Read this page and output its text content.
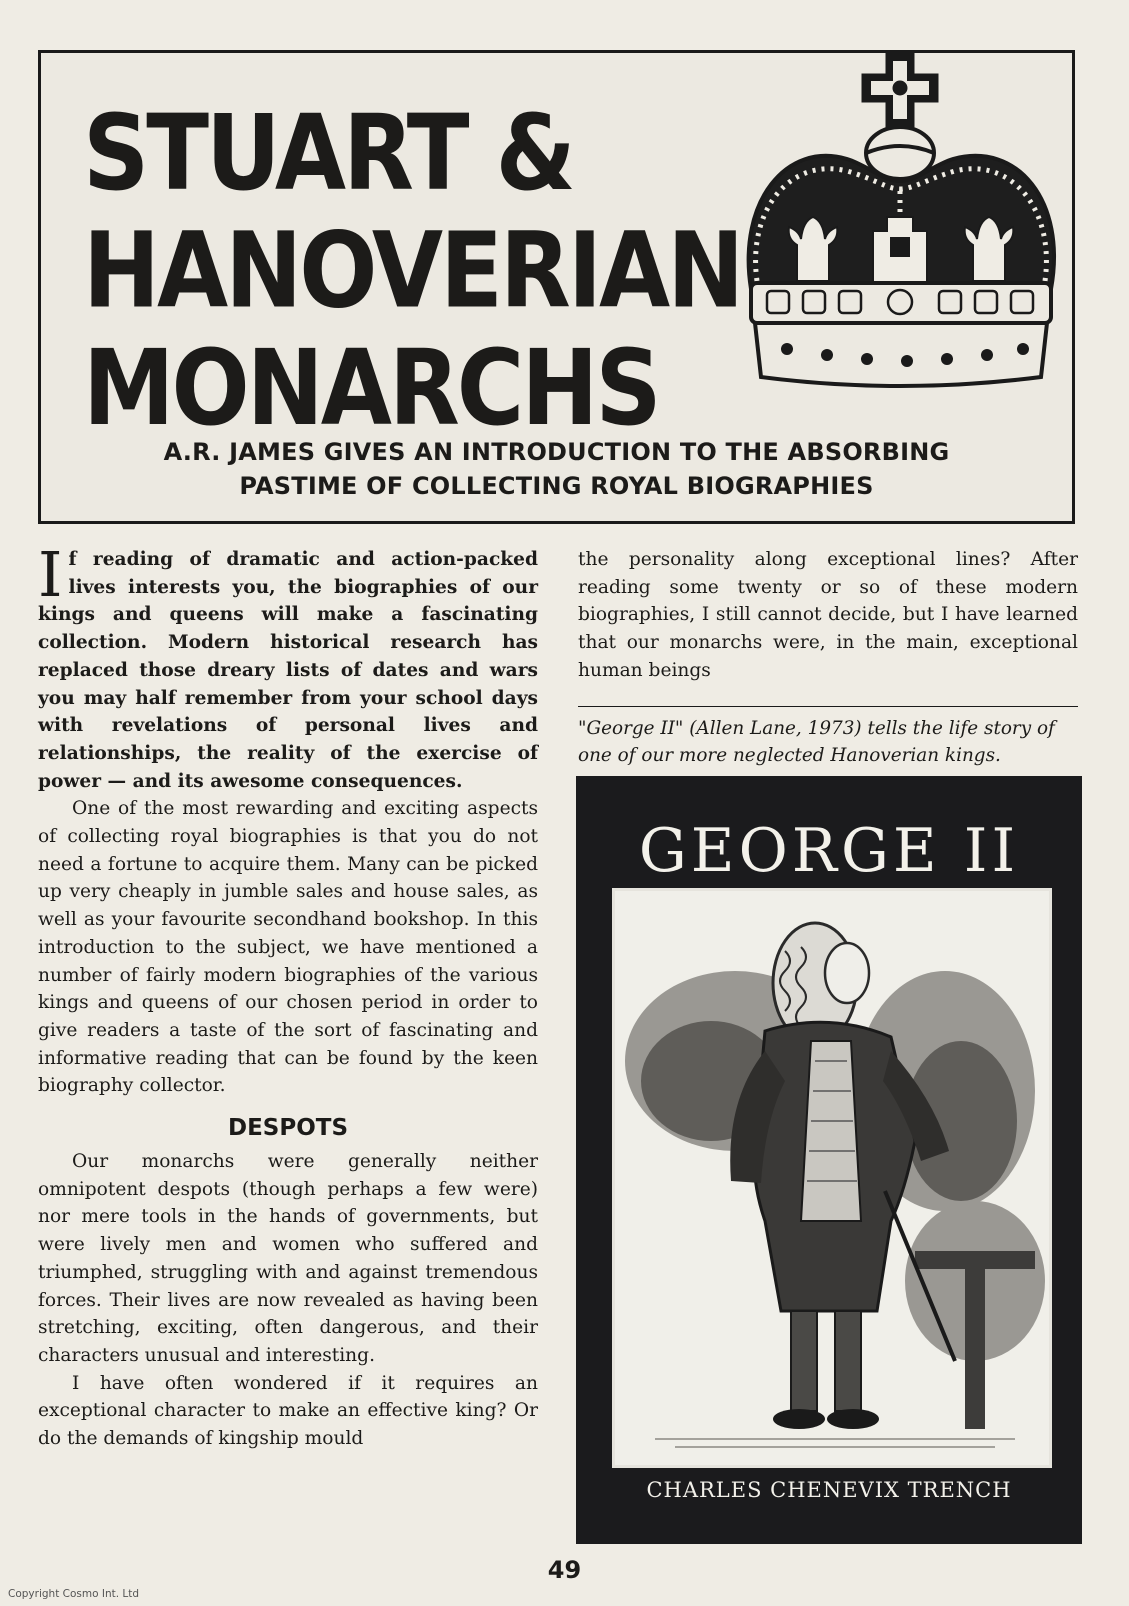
STUART &
HANOVERIAN
MONARCHS
A.R. JAMES GIVES AN INTRODUCTION TO THE ABSORBING
PASTIME OF COLLECTING ROYAL BIOGRAPHIES

If reading of dramatic and action-packed lives interests you, the biographies of our kings and queens will make a fascinating collection. Modern historical research has replaced those dreary lists of dates and wars you may half remember from your school days with revelations of personal lives and relationships, the reality of the exercise of power — and its awesome consequences.

One of the most rewarding and exciting aspects of collecting royal biographies is that you do not need a fortune to acquire them. Many can be picked up very cheaply in jumble sales and house sales, as well as your favourite secondhand bookshop. In this introduction to the subject, we have mentioned a number of fairly modern biographies of the various kings and queens of our chosen period in order to give readers a taste of the sort of fascinating and informative reading that can be found by the keen biography collector.

DESPOTS

Our monarchs were generally neither omnipotent despots (though perhaps a few were) nor mere tools in the hands of governments, but were lively men and women who suffered and triumphed, struggling with and against tremendous forces. Their lives are now revealed as having been stretching, exciting, often dangerous, and their characters unusual and interesting.

I have often wondered if it requires an exceptional character to make an effective king? Or do the demands of kingship mould

the personality along exceptional lines? After reading some twenty or so of these modern biographies, I still cannot decide, but I have learned that our monarchs were, in the main, exceptional human beings

"George II" (Allen Lane, 1973) tells the life story of one of our more neglected Hanoverian kings.
GEORGE II
CHARLES CHENEVIX TRENCH
49
Copyright Cosmo Int. Ltd
